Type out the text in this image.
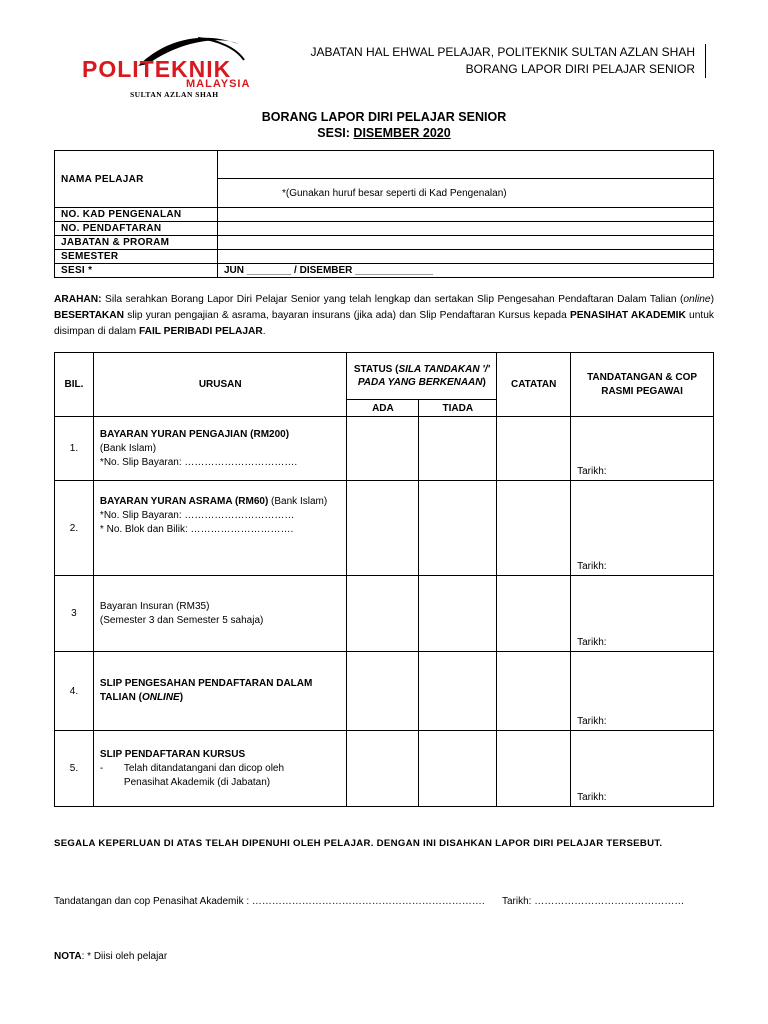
POLITEKNIK
MALAYSIA
SULTAN AZLAN SHAH
JABATAN HAL EHWAL PELAJAR, POLITEKNIK SULTAN AZLAN SHAH
BORANG LAPOR DIRI PELAJAR SENIOR
BORANG LAPOR DIRI PELAJAR SENIOR
SESI: DISEMBER 2020
NAMA PELAJAR	
	*(Gunakan huruf besar seperti di Kad Pengenalan)
NO. KAD PENGENALAN	
NO. PENDAFTARAN	
JABATAN & PRORAM	
SEMESTER	
SESI *	JUN ________ / DISEMBER ______________
ARAHAN: Sila serahkan Borang Lapor Diri Pelajar Senior yang telah lengkap dan sertakan Slip Pengesahan Pendaftaran Dalam Talian (online) BESERTAKAN slip yuran pengajian & asrama, bayaran insurans (jika ada) dan Slip Pendaftaran Kursus kepada PENASIHAT AKADEMIK untuk disimpan di dalam FAIL PERIBADI PELAJAR.
BIL.	URUSAN	STATUS (SILA TANDAKAN '/' PADA YANG BERKENAAN)		CATATAN	TANDATANGAN & COP RASMI PEGAWAI
		ADA	TIADA		
1.	BAYARAN YURAN PENGAJIAN (RM200)
(Bank Islam)
*No. Slip Bayaran: …………………………….				Tarikh:

2.	BAYARAN YURAN ASRAMA (RM60) (Bank Islam)
*No. Slip Bayaran: ……………………………
* No. Blok dan Bilik: ………………………….				Tarikh:

3	Bayaran Insuran (RM35)
(Semester 3 dan Semester 5 sahaja)				Tarikh:

4.	SLIP PENGESAHAN PENDAFTARAN DALAM TALIAN (ONLINE)				Tarikh:

5.	SLIP PENDAFTARAN KURSUS
- Telah ditandatangani dan dicop oleh
Penasihat Akademik (di Jabatan)				Tarikh:
SEGALA KEPERLUAN DI ATAS TELAH DIPENUHI OLEH PELAJAR. DENGAN INI DISAHKAN LAPOR DIRI PELAJAR TERSEBUT.
Tandatangan dan cop Penasihat Akademik : ……………………………………………………………. Tarikh: ………………………………………
NOTA: * Diisi oleh pelajar
